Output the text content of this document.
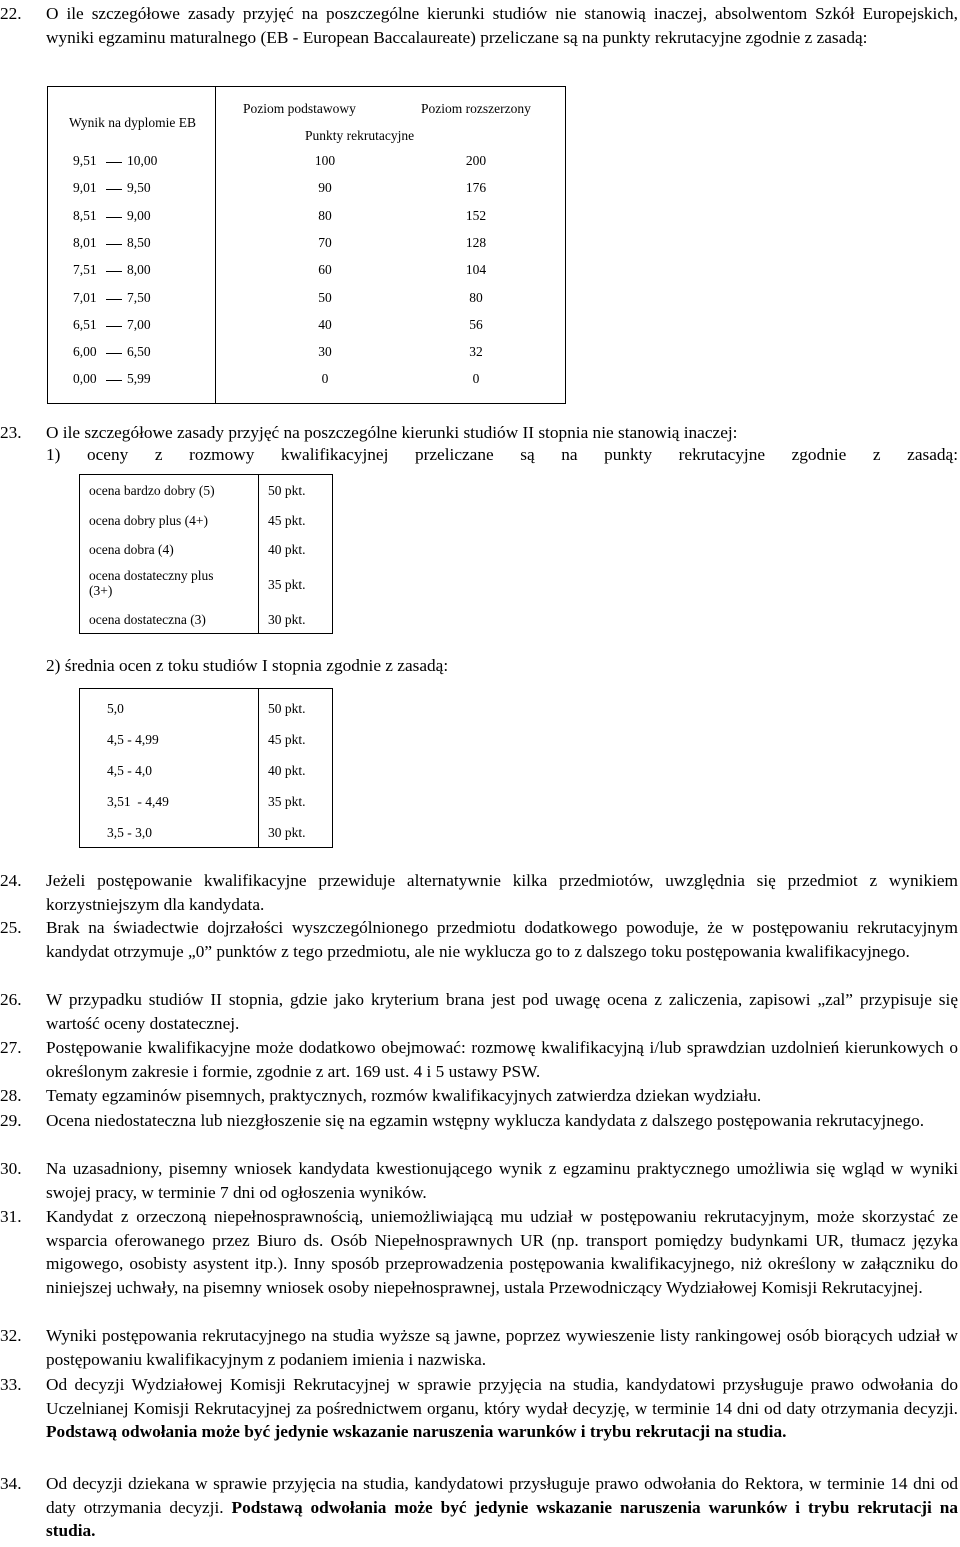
22. O ile szczegółowe zasady przyjęć na poszczególne kierunki studiów nie stanowią inaczej, absolwentom Szkół Europejskich, wyniki egzaminu maturalnego (EB - European Baccalaureate) przeliczane są na punkty rekrutacyjne zgodnie z zasadą:
Wynik na dyplomie EB
Poziom podstawowy	Poziom rozszerzony
Punkty rekrutacyjne
9,51 10,00	100	200
9,01 9,50	90	176
8,51 9,00	80	152
8,01 8,50	70	128
7,51 8,00	60	104
7,01 7,50	50	80
6,51 7,00	40	56
6,00 6,50	30	32
0,00 5,99	0	0
23. O ile szczegółowe zasady przyjęć na poszczególne kierunki studiów II stopnia nie stanowią inaczej:
1) oceny z rozmowy kwalifikacyjnej przeliczane są na punkty rekrutacyjne zgodnie z zasadą:
ocena bardzo dobry (5)	50 pkt.
ocena dobry plus (4+)	45 pkt.
ocena dobra (4)	40 pkt.
ocena dostateczny plus (3+)	35 pkt.
ocena dostateczna (3)	30 pkt.
2) średnia ocen z toku studiów I stopnia zgodnie z zasadą:
5,0	50 pkt.
4,5 - 4,99	45 pkt.
4,5 - 4,0	40 pkt.
3,51  - 4,49	35 pkt.
3,5 - 3,0	30 pkt.
24. Jeżeli postępowanie kwalifikacyjne przewiduje alternatywnie kilka przedmiotów, uwzględnia się przedmiot z wynikiem korzystniejszym dla kandydata.
25. Brak na świadectwie dojrzałości wyszczególnionego przedmiotu dodatkowego powoduje, że w postępowaniu rekrutacyjnym kandydat otrzymuje „0” punktów z tego przedmiotu, ale nie wyklucza go to z dalszego toku postępowania kwalifikacyjnego.
26. W przypadku studiów II stopnia, gdzie jako kryterium brana jest pod uwagę ocena z zaliczenia, zapisowi „zal” przypisuje się wartość oceny dostatecznej.
27. Postępowanie kwalifikacyjne może dodatkowo obejmować: rozmowę kwalifikacyjną i/lub sprawdzian uzdolnień kierunkowych o określonym zakresie i formie, zgodnie z art. 169 ust. 4 i 5 ustawy PSW.
28. Tematy egzaminów pisemnych, praktycznych, rozmów kwalifikacyjnych zatwierdza dziekan wydziału.
29. Ocena niedostateczna lub niezgłoszenie się na egzamin wstępny wyklucza kandydata z dalszego postępowania rekrutacyjnego.
30. Na uzasadniony, pisemny wniosek kandydata kwestionującego wynik z egzaminu praktycznego umożliwia się wgląd w wyniki swojej pracy, w terminie 7 dni od ogłoszenia wyników.
31. Kandydat z orzeczoną niepełnosprawnością, uniemożliwiającą mu udział w postępowaniu rekrutacyjnym, może skorzystać ze wsparcia oferowanego przez Biuro ds. Osób Niepełnosprawnych UR (np. transport pomiędzy budynkami UR, tłumacz języka migowego, osobisty asystent itp.). Inny sposób przeprowadzenia postępowania kwalifikacyjnego, niż określony w załączniku do niniejszej uchwały, na pisemny wniosek osoby niepełnosprawnej, ustala Przewodniczący Wydziałowej Komisji Rekrutacyjnej.
32. Wyniki postępowania rekrutacyjnego na studia wyższe są jawne, poprzez wywieszenie listy rankingowej osób biorących udział w postępowaniu kwalifikacyjnym z podaniem imienia i nazwiska.
33. Od decyzji Wydziałowej Komisji Rekrutacyjnej w sprawie przyjęcia na studia, kandydatowi przysługuje prawo odwołania do Uczelnianej Komisji Rekrutacyjnej za pośrednictwem organu, który wydał decyzję, w terminie 14 dni od daty otrzymania decyzji. Podstawą odwołania może być jedynie wskazanie naruszenia warunków i trybu rekrutacji na studia.
34. Od decyzji dziekana w sprawie przyjęcia na studia, kandydatowi przysługuje prawo odwołania do Rektora, w terminie 14 dni od daty otrzymania decyzji. Podstawą odwołania może być jedynie wskazanie naruszenia warunków i trybu rekrutacji na studia.
